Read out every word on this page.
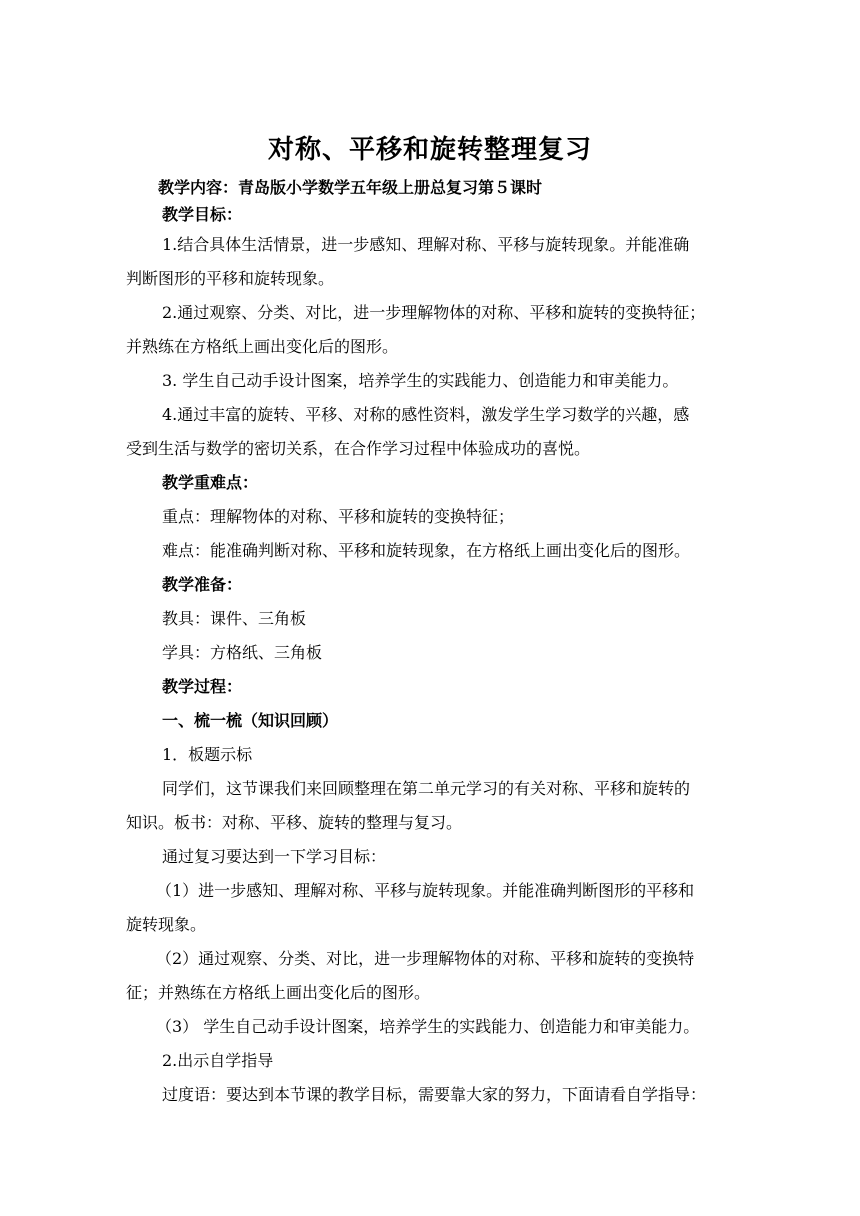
对称、平移和旋转整理复习

教学内容：青岛版小学数学五年级上册总复习第５课时

教学目标：

1.结合具体生活情景，进一步感知、理解对称、平移与旋转现象。并能准确

判断图形的平移和旋转现象。

2.通过观察、分类、对比，进一步理解物体的对称、平移和旋转的变换特征；

并熟练在方格纸上画出变化后的图形。

3. 学生自己动手设计图案，培养学生的实践能力、创造能力和审美能力。

4.通过丰富的旋转、平移、对称的感性资料，激发学生学习数学的兴趣，感

受到生活与数学的密切关系，在合作学习过程中体验成功的喜悦。

教学重难点：

重点：理解物体的对称、平移和旋转的变换特征；

难点：能准确判断对称、平移和旋转现象，在方格纸上画出变化后的图形。

教学准备：

教具：课件、三角板

学具：方格纸、三角板

教学过程：

一、梳一梳（知识回顾）

1．板题示标

同学们，这节课我们来回顾整理在第二单元学习的有关对称、平移和旋转的

知识。板书：对称、平移、旋转的整理与复习。

通过复习要达到一下学习目标：

（1）进一步感知、理解对称、平移与旋转现象。并能准确判断图形的平移和

旋转现象。

（2）通过观察、分类、对比，进一步理解物体的对称、平移和旋转的变换特

征；并熟练在方格纸上画出变化后的图形。

（3） 学生自己动手设计图案，培养学生的实践能力、创造能力和审美能力。

2.出示自学指导

过度语：要达到本节课的教学目标，需要靠大家的努力，下面请看自学指导：
